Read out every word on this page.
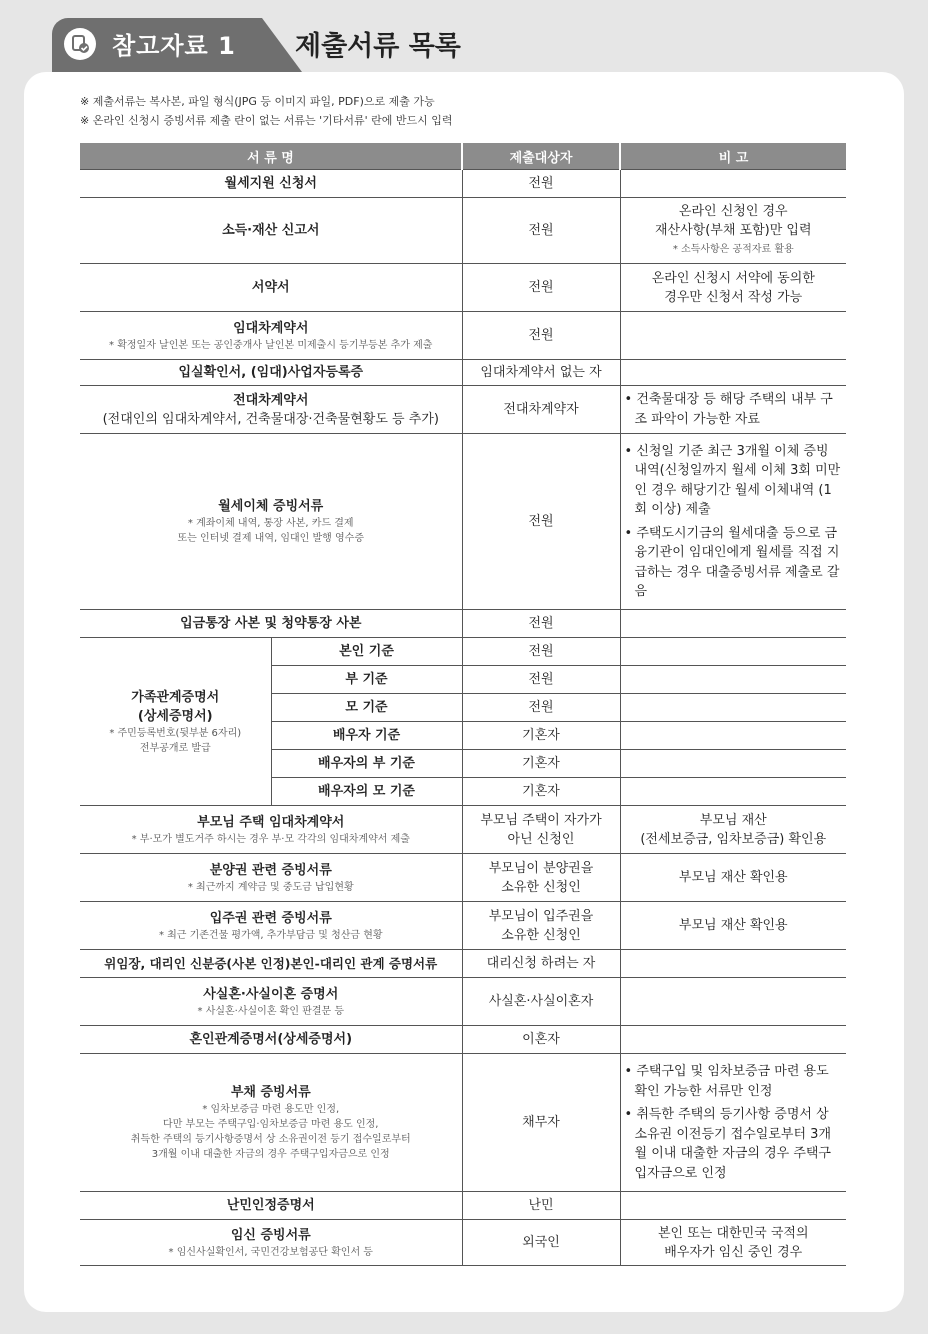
참고자료 1 제출서류 목록
※ 제출서류는 복사본, 파일 형식(JPG 등 이미지 파일, PDF)으로 제출 가능
※ 온라인 신청시 증빙서류 제출 란이 없는 서류는 '기타서류' 란에 반드시 입력
서 류 명		제출대상자	비 고
월세지원 신청서		전원	
소득·재산 신고서		전원	온라인 신청인 경우
재산사항(부채 포함)만 입력
* 소득사항은 공적자료 활용

서약서		전원	온라인 신청시 서약에 동의한
경우만 신청서 작성 가능

임대차계약서
* 확정일자 날인본 또는 공인중개사 날인본 미제출시 등기부등본 추가 제출		전원	
입실확인서, (임대)사업자등록증		임대차계약서 없는 자	

전대차계약서
(전대인의 임대차계약서, 건축물대장·건축물현황도 등 추가)		전대차계약자	• 건축물대장 등 해당 주택의 내부 구조 파악이 가능한 자료

월세이체 증빙서류
* 계좌이체 내역, 통장 사본, 카드 결제
또는 인터넷 결제 내역, 임대인 발행 영수증		전원	• 신청일 기준 최근 3개월 이체 증빙 내역(신청일까지 월세 이체 3회 미만인 경우 해당기간 월세 이체내역 (1회 이상) 제출
• 주택도시기금의 월세대출 등으로 금융기관이 임대인에게 월세를 직접 지급하는 경우 대출증빙서류 제출로 갈음

입금통장 사본 및 청약통장 사본		전원	

가족관계증명서
(상세증명서)
* 주민등록번호(뒷부분 6자리)
전부공개로 발급	본인 기준	전원	
	부 기준	전원	
	모 기준	전원	
	배우자 기준	기혼자	
	배우자의 부 기준	기혼자	
	배우자의 모 기준	기혼자	

부모님 주택 임대차계약서
* 부·모가 별도거주 하시는 경우 부·모 각각의 임대차계약서 제출		부모님 주택이 자가가
아닌 신청인	부모님 재산
(전세보증금, 임차보증금) 확인용

분양권 관련 증빙서류
* 최근까지 계약금 및 중도금 납입현황		부모님이 분양권을
소유한 신청인	부모님 재산 확인용

입주권 관련 증빙서류
* 최근 기존건물 평가액, 추가부담금 및 청산금 현황		부모님이 입주권을
소유한 신청인	부모님 재산 확인용
위임장, 대리인 신분증(사본 인정)본인-대리인 관계 증명서류		대리신청 하려는 자	

사실혼·사실이혼 증명서
* 사실혼·사실이혼 확인 판결문 등		사실혼·사실이혼자	
혼인관계증명서(상세증명서)		이혼자	

부채 증빙서류
* 임차보증금 마련 용도만 인정,
다만 부모는 주택구입·임차보증금 마련 용도 인정,
취득한 주택의 등기사항증명서 상 소유권이전 등기 접수일로부터
3개월 이내 대출한 자금의 경우 주택구입자금으로 인정		채무자	• 주택구입 및 임차보증금 마련 용도 확인 가능한 서류만 인정
• 취득한 주택의 등기사항 증명서 상 소유권 이전등기 접수일로부터 3개월 이내 대출한 자금의 경우 주택구입자금으로 인정

난민인정증명서		난민	

임신 증빙서류
* 임신사실확인서, 국민건강보험공단 확인서 등		외국인	본인 또는 대한민국 국적의
배우자가 임신 중인 경우
